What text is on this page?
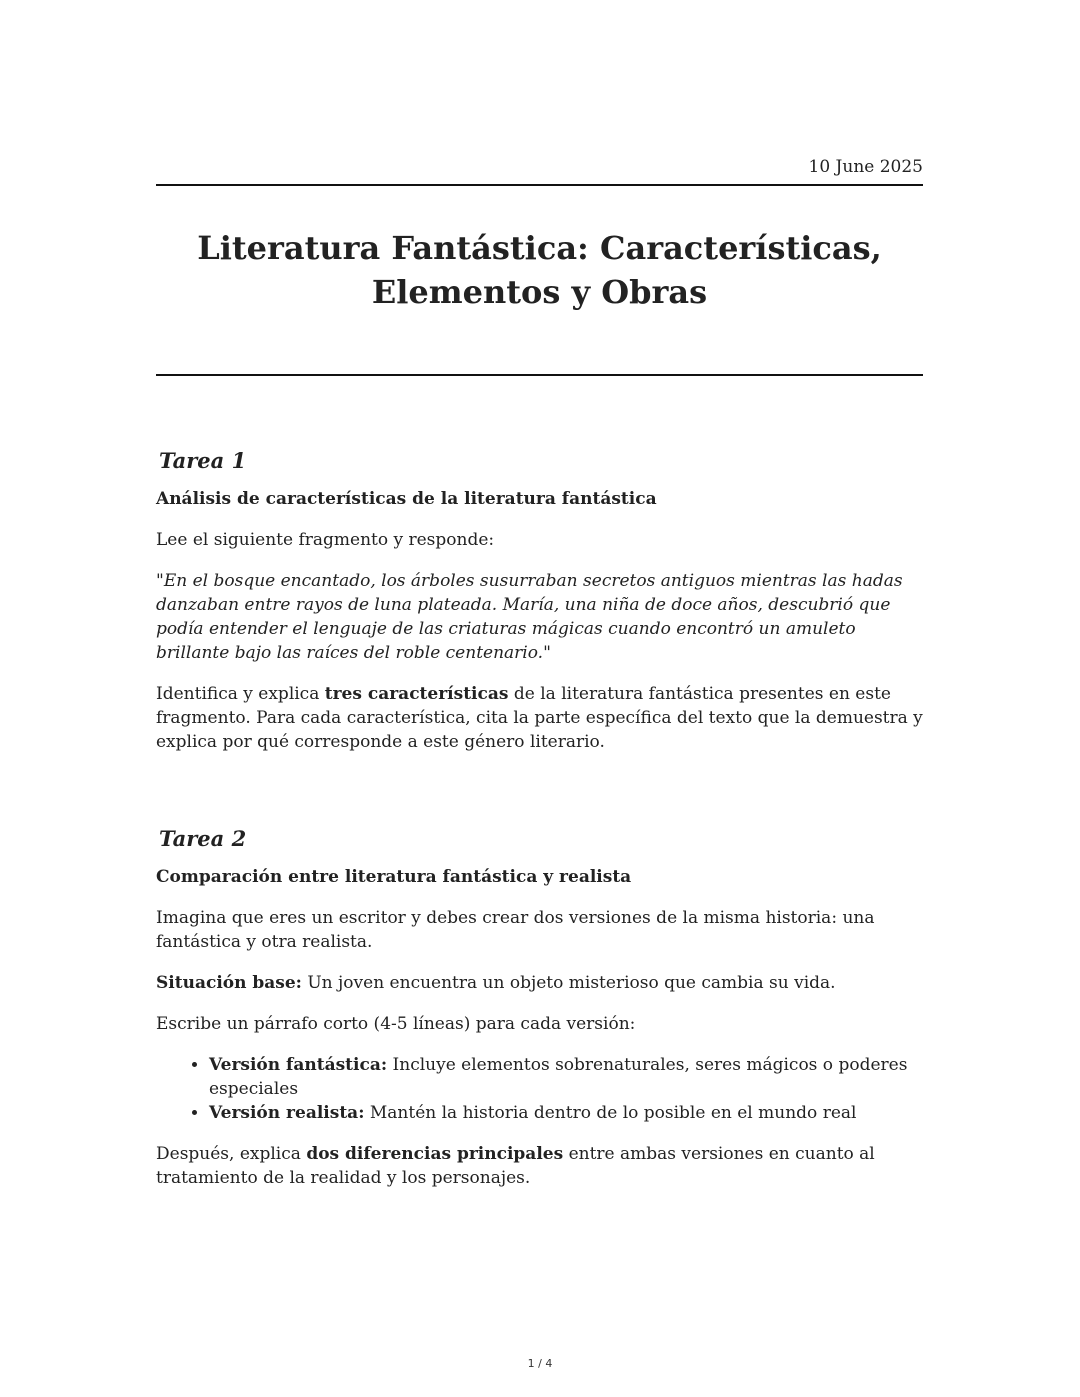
10 June 2025
Literatura Fantástica: Características,
Elementos y Obras
Tarea 1

Análisis de características de la literatura fantástica

Lee el siguiente fragmento y responde:

"En el bosque encantado, los árboles susurraban secretos antiguos mientras las hadas danzaban entre rayos de luna plateada. María, una niña de doce años, descubrió que podía entender el lenguaje de las criaturas mágicas cuando encontró un amuleto brillante bajo las raíces del roble centenario."

Identifica y explica tres características de la literatura fantástica presentes en este fragmento. Para cada característica, cita la parte específica del texto que la demuestra y explica por qué corresponde a este género literario.

Tarea 2

Comparación entre literatura fantástica y realista

Imagina que eres un escritor y debes crear dos versiones de la misma historia: una fantástica y otra realista.

Situación base: Un joven encuentra un objeto misterioso que cambia su vida.

Escribe un párrafo corto (4-5 líneas) para cada versión:

• Versión fantástica: Incluye elementos sobrenaturales, seres mágicos o poderes especiales
• Versión realista: Mantén la historia dentro de lo posible en el mundo real

Después, explica dos diferencias principales entre ambas versiones en cuanto al tratamiento de la realidad y los personajes.

1 / 4
